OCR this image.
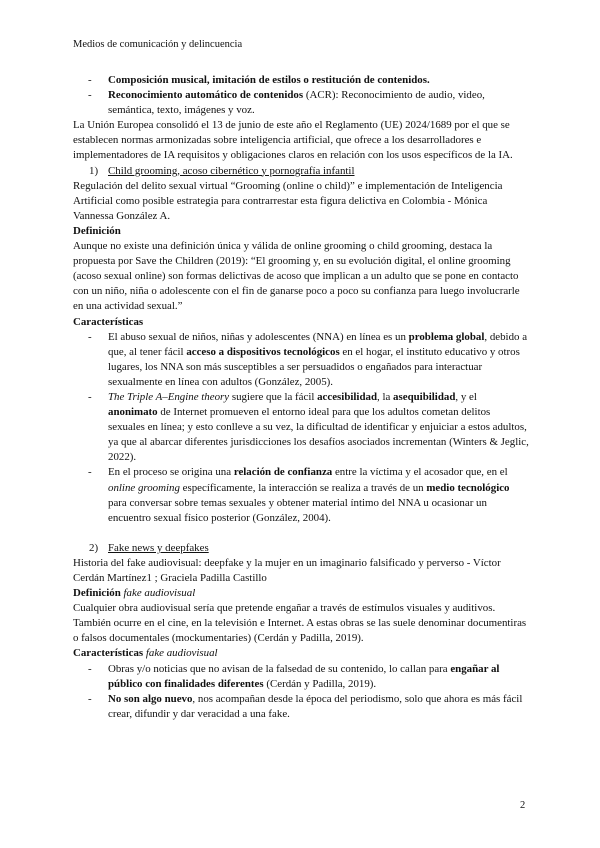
Medios de comunicación y delincuencia

- Composición musical, imitación de estilos o restitución de contenidos.

- Reconocimiento automático de contenidos (ACR): Reconocimiento de audio, video, semántica, texto, imágenes y voz.

La Unión Europea consolidó el 13 de junio de este año el Reglamento (UE) 2024/1689 por el que se establecen normas armonizadas sobre inteligencia artificial, que ofrece a los desarrolladores e implementadores de IA requisitos y obligaciones claros en relación con los usos específicos de la IA.

1) Child grooming, acoso cibernético y pornografía infantil

Regulación del delito sexual virtual “Grooming (online o child)” e implementación de Inteligencia Artificial como posible estrategia para contrarrestar esta figura delictiva en Colombia - Mónica Vannessa González A.

Definición

Aunque no existe una definición única y válida de online grooming o child grooming, destaca la propuesta por Save the Children (2019): “El grooming y, en su evolución digital, el online grooming (acoso sexual online) son formas delictivas de acoso que implican a un adulto que se pone en contacto con un niño, niña o adolescente con el fin de ganarse poco a poco su confianza para luego involucrarle en una actividad sexual.”

Características

- El abuso sexual de niños, niñas y adolescentes (NNA) en línea es un problema global, debido a que, al tener fácil acceso a dispositivos tecnológicos en el hogar, el instituto educativo y otros lugares, los NNA son más susceptibles a ser persuadidos o engañados para interactuar sexualmente en línea con adultos (González, 2005).

- The Triple A–Engine theory sugiere que la fácil accesibilidad, la asequibilidad, y el anonimato de Internet promueven el entorno ideal para que los adultos cometan delitos sexuales en línea; y esto conlleve a su vez, la dificultad de identificar y enjuiciar a estos adultos, ya que al abarcar diferentes jurisdicciones los desafíos asociados incrementan (Winters & Jeglic, 2022).

- En el proceso se origina una relación de confianza entre la víctima y el acosador que, en el online grooming específicamente, la interacción se realiza a través de un medio tecnológico para conversar sobre temas sexuales y obtener material íntimo del NNA u ocasionar un encuentro sexual físico posterior (González, 2004).

2) Fake news y deepfakes

Historia del fake audiovisual: deepfake y la mujer en un imaginario falsificado y perverso - Víctor Cerdán Martínez1 ; Graciela Padilla Castillo

Definición fake audiovisual

Cualquier obra audiovisual sería que pretende engañar a través de estímulos visuales y auditivos. También ocurre en el cine, en la televisión e Internet. A estas obras se las suele denominar documentiras o falsos documentales (mockumentaries) (Cerdán y Padilla, 2019).

Características fake audiovisual

- Obras y/o noticias que no avisan de la falsedad de su contenido, lo callan para engañar al público con finalidades diferentes (Cerdán y Padilla, 2019).

- No son algo nuevo, nos acompañan desde la época del periodismo, solo que ahora es más fácil crear, difundir y dar veracidad a una fake.

2
